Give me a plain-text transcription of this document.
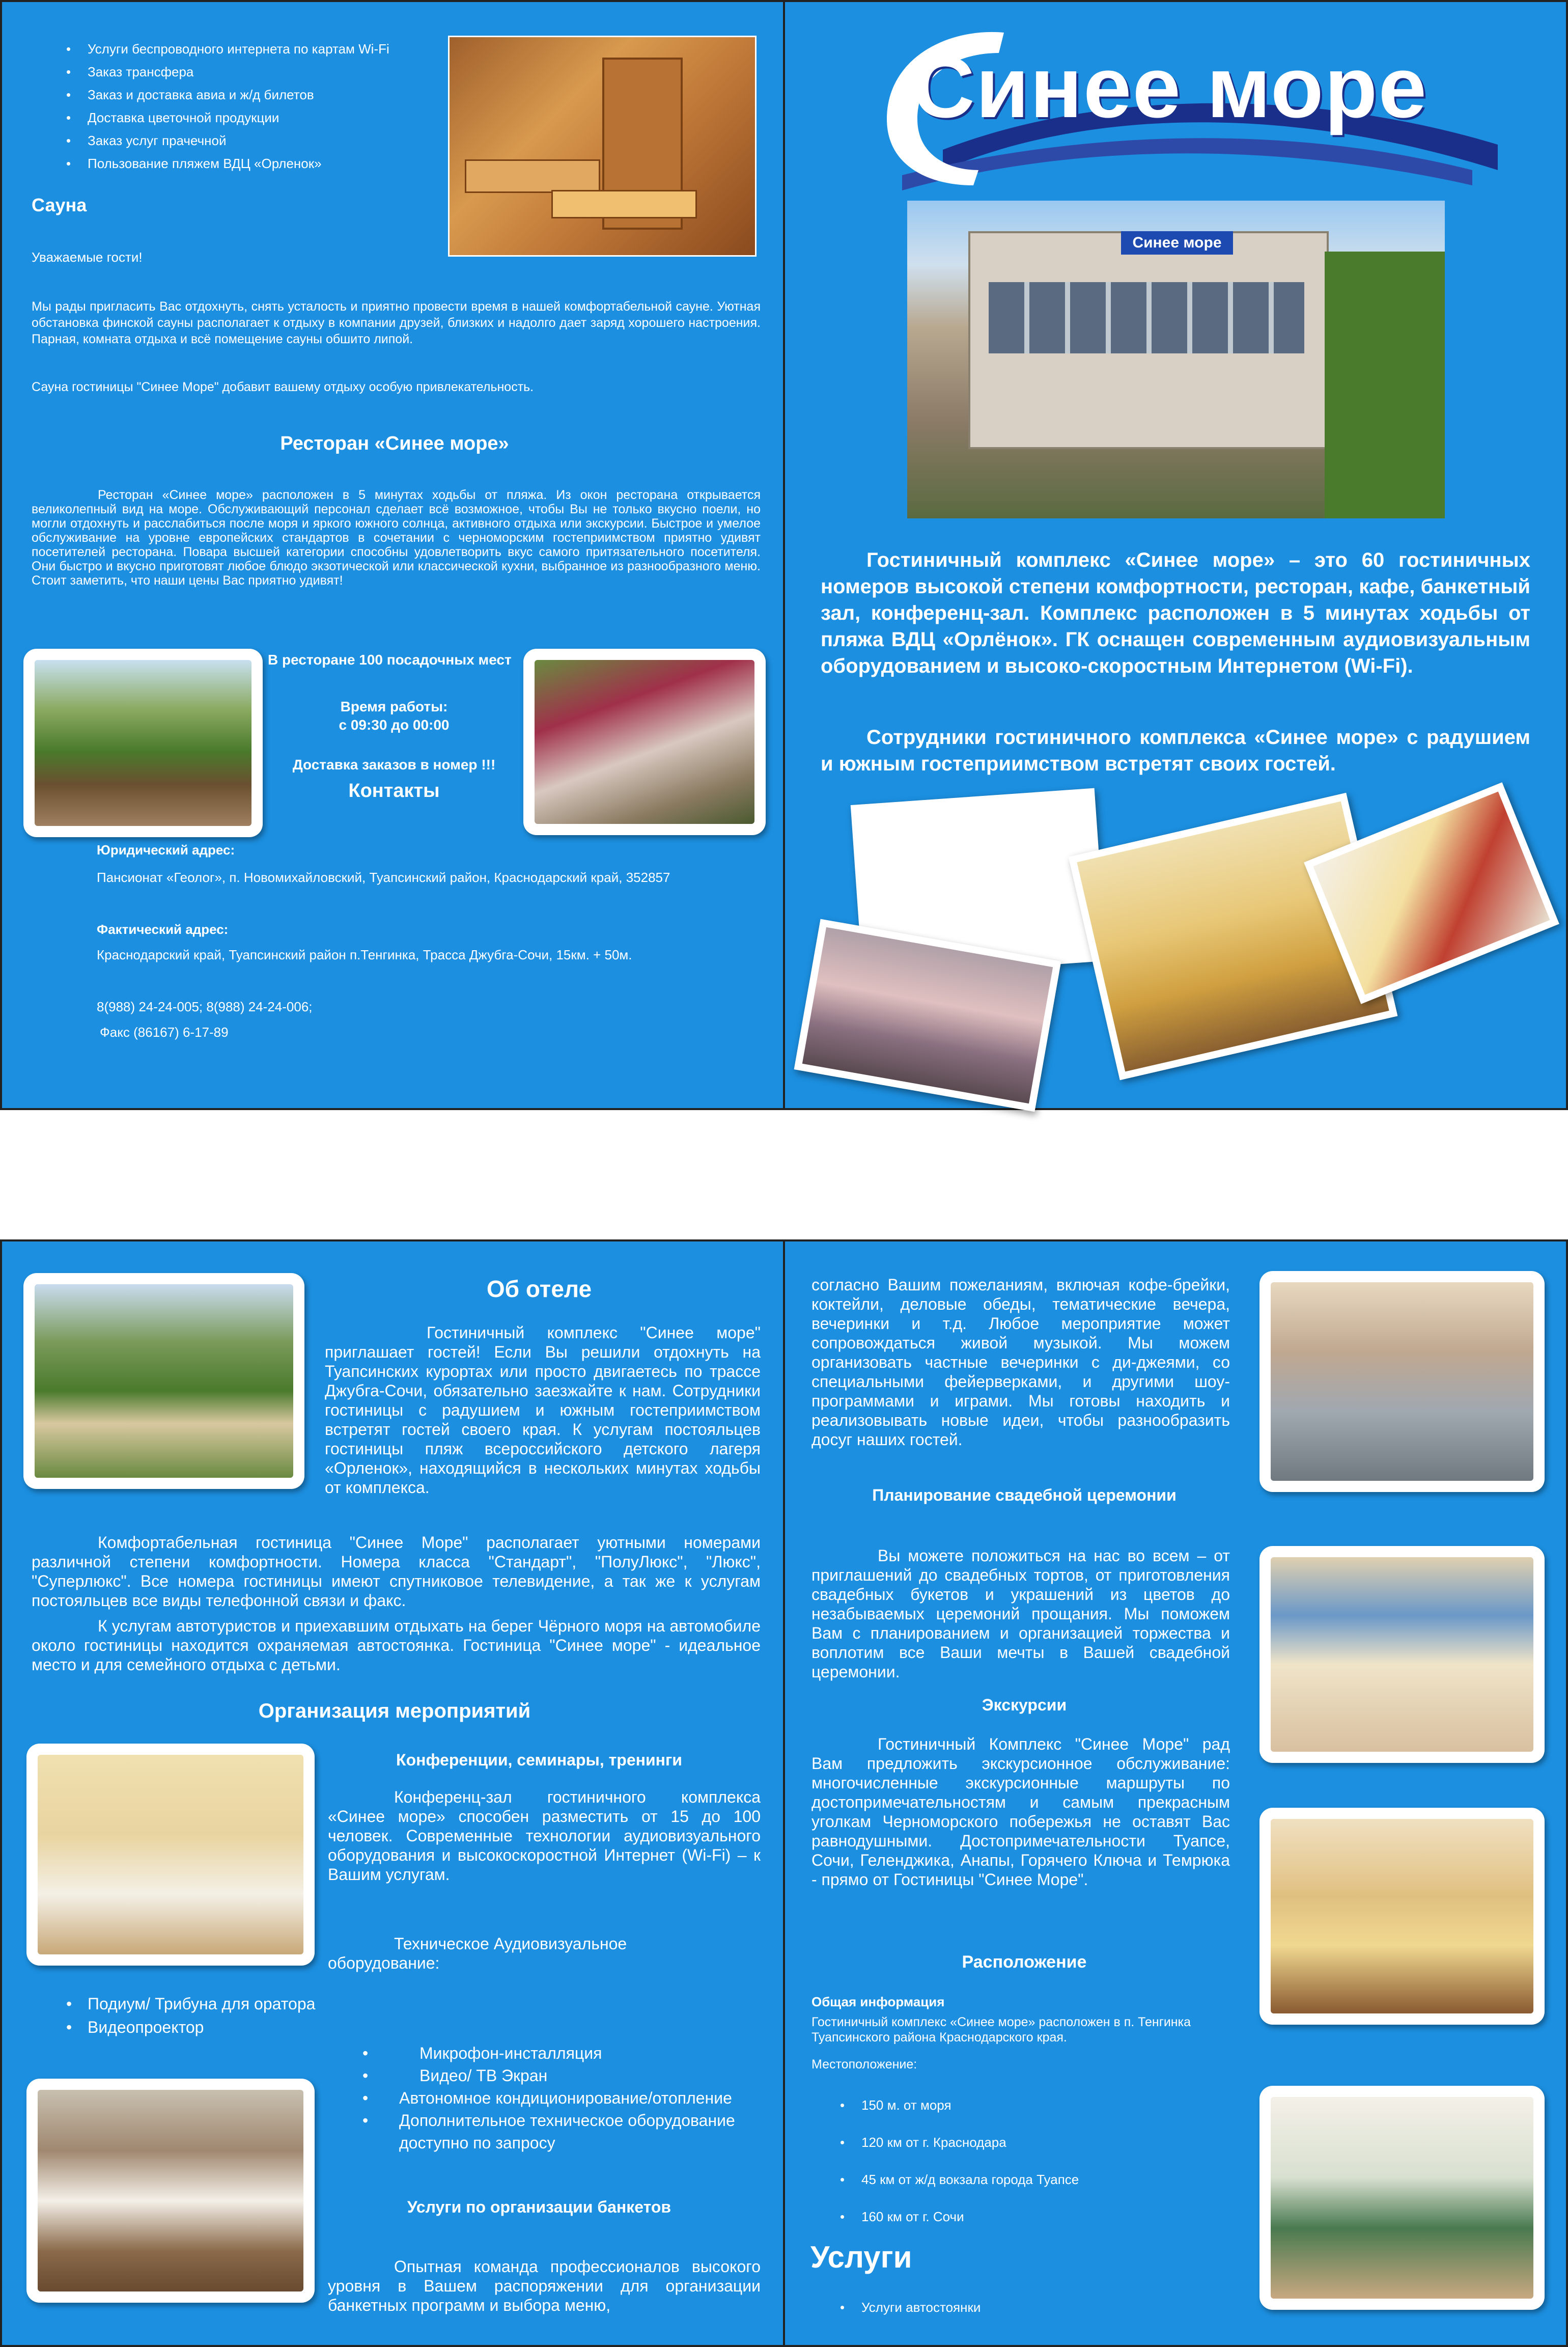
• Услуги беспроводного интернета по картам Wi-Fi
• Заказ трансфера
• Заказ и доставка авиа и ж/д билетов
• Доставка цветочной продукции
• Заказ услуг прачечной
• Пользование пляжем ВДЦ «Орленок»
Сауна
Уважаемые гости!
Мы рады пригласить Вас отдохнуть, снять усталость и приятно провести время в нашей комфортабельной сауне. Уютная обстановка финской сауны располагает к отдыху в компании друзей, близких и надолго дает заряд хорошего настроения. Парная, комната отдыха и всё помещение сауны обшито липой.
Сауна гостиницы "Синее Море" добавит вашему отдыху особую привлекательность.
Ресторан «Синее море»
Ресторан «Синее море» расположен в 5 минутах ходьбы от пляжа. Из окон ресторана открывается великолепный вид на море. Обслуживающий персонал сделает всё возможное, чтобы Вы не только вкусно поели, но могли отдохнуть и расслабиться после моря и яркого южного солнца, активного отдыха или экскурсии. Быстрое и умелое обслуживание на уровне европейских стандартов в сочетании с черноморским гостеприимством приятно удивят посетителей ресторана. Повара высшей категории способны удовлетворить вкус самого притязательного посетителя. Они быстро и вкусно приготовят любое блюдо экзотической или классической кухни, выбранное из разнообразного меню. Стоит заметить, что наши цены Вас приятно удивят!
В ресторане 100 посадочных мест
Время работы:
с 09:30 до 00:00
Доставка заказов в номер !!!
Контакты
Юридический адрес:
Пансионат «Геолог», п. Новомихайловский, Туапсинский район, Краснодарский край, 352857
Фактический адрес:
Краснодарский край, Туапсинский район п.Тенгинка, Трасса Джубга-Сочи, 15км. + 50м.
8(988) 24-24-005; 8(988) 24-24-006;
Факс (86167) 6-17-89
Синее море
Синее море
Гостиничный комплекс «Синее море» – это 60 гостиничных номеров высокой степени комфортности, ресторан, кафе, банкетный зал, конференц-зал. Комплекс расположен в 5 минутах ходьбы от пляжа ВДЦ «Орлёнок». ГК оснащен современным аудиовизуальным оборудованием и высоко-скоростным Интернетом (Wi-Fi).
Сотрудники гостиничного комплекса «Синее море» с радушием и южным гостеприимством встретят своих гостей.
Об отеле
Гостиничный комплекс "Синее море" приглашает гостей! Если Вы решили отдохнуть на Туапсинских курортах или просто двигаетесь по трассе Джубга-Сочи, обязательно заезжайте к нам. Сотрудники гостиницы с радушием и южным гостеприимством встретят гостей своего края. К услугам постояльцев гостиницы пляж всероссийского детского лагеря «Орленок», находящийся в нескольких минутах ходьбы от комплекса.
Комфортабельная гостиница "Синее Море" располагает уютными номерами различной степени комфортности. Номера класса "Стандарт", "ПолуЛюкс", "Люкс", "Суперлюкс". Все номера гостиницы имеют спутниковое телевидение, а так же к услугам постояльцев все виды телефонной связи и факс.
К услугам автотуристов и приехавшим отдыхать на берег Чёрного моря на автомобиле около гостиницы находится охраняемая автостоянка. Гостиница "Синее море" - идеальное место и для семейного отдыха с детьми.
Организация мероприятий
Конференции, семинары, тренинги
Конференц-зал гостиничного комплекса «Синее море» способен разместить от 15 до 100 человек. Современные технологии аудиовизуального оборудования и высокоскоростной Интернет (Wi-Fi) – к Вашим услугам.
Техническое Аудиовизуальное оборудование:
• Подиум/ Трибуна для оратора
• Видеопроектор
• Микрофон-инсталляция
• Видео/ ТВ Экран
• Автономное кондиционирование/отопление
• Дополнительное техническое оборудование доступно по запросу
Услуги по организации банкетов
Опытная команда профессионалов высокого уровня в Вашем распоряжении для организации банкетных программ и выбора меню,
согласно Вашим пожеланиям, включая кофе-брейки, коктейли, деловые обеды, тематические вечера, вечеринки и т.д. Любое мероприятие может сопровождаться живой музыкой. Мы можем организовать частные вечеринки с ди-джеями, со специальными фейерверками, и другими шоу-программами и играми. Мы готовы находить и реализовывать новые идеи, чтобы разнообразить досуг наших гостей.
Планирование свадебной церемонии
Вы можете положиться на нас во всем – от приглашений до свадебных тортов, от приготовления свадебных букетов и украшений из цветов до незабываемых церемоний прощания. Мы поможем Вам с планированием и организацией торжества и воплотим все Ваши мечты в Вашей свадебной церемонии.
Экскурсии
Гостиничный Комплекс "Синее Море" рад Вам предложить экскурсионное обслуживание: многочисленные экскурсионные маршруты по достопримечательностям и самым прекрасным уголкам Черноморского побережья не оставят Вас равнодушными. Достопримечательности Туапсе, Сочи, Геленджика, Анапы, Горячего Ключа и Темрюка - прямо от Гостиницы "Синее Море".
Расположение
Общая информация
Гостиничный комплекс «Синее море» расположен в п. Тенгинка Туапсинского района Краснодарского края.
Местоположение:
• 150 м. от моря
• 120 км от г. Краснодара
• 45 км от ж/д вокзала города Туапсе
• 160 км от г. Сочи
Услуги
• Услуги автостоянки
